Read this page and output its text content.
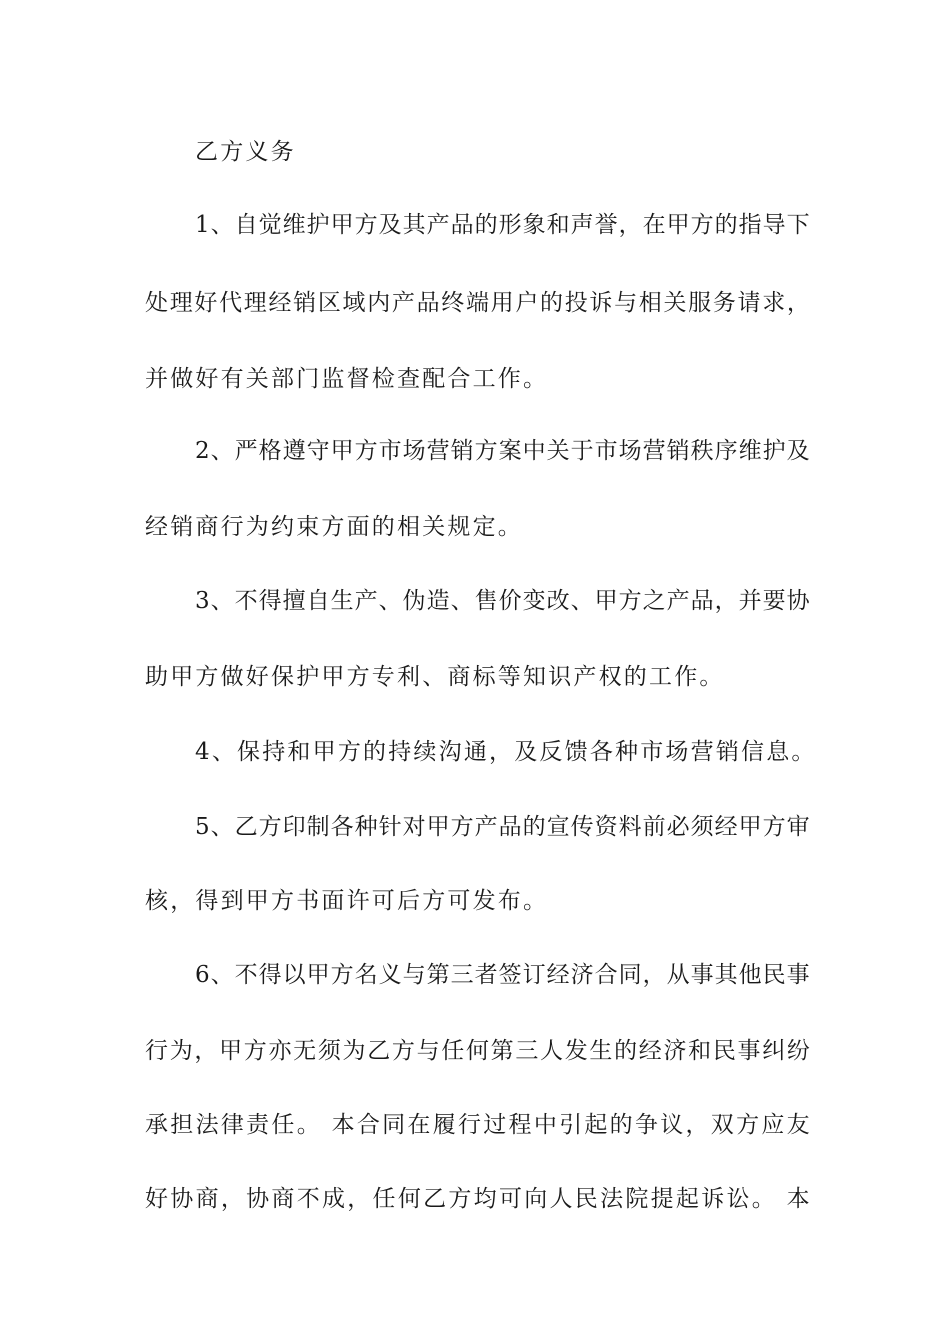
乙方义务
1 、 自 觉 维 护 甲 方 及 其 产 品 的 形 象 和 声 誉 ， 在 甲 方 的 指 导 下
处 理 好 代 理 经 销 区 域 内 产 品 终 端 用 户 的 投 诉 与 相 关 服 务 请 求 ，
并做好有关部门监督检查配合工作。
2 、 严 格 遵 守 甲 方 市 场 营 销 方 案 中 关 于 市 场 营 销 秩 序 维 护 及
经销商行为约束方面的相关规定。
3 、 不 得 擅 自 生 产 、 伪 造 、 售 价 变 改 、 甲 方 之 产 品 ， 并 要 协
助甲方做好保护甲方专利、商标等知识产权的工作。
4、保持和甲方的持续沟通，及反馈各种市场营销信息。
5 、 乙 方 印 制 各 种 针 对 甲 方 产 品 的 宣 传 资 料 前 必 须 经 甲 方 审
核，得到甲方书面许可后方可发布。
6 、 不 得 以 甲 方 名 义 与 第 三 者 签 订 经 济 合 同 ， 从 事 其 他 民 事
行 为 ， 甲 方 亦 无 须 为 乙 方 与 任 何 第 三 人 发 生 的 经 济 和 民 事 纠 纷
承 担 法 律 责 任 。
本 合 同 在 履 行 过 程 中 引 起 的 争 议 ， 双 方 应 友
好 协 商 ， 协 商 不 成 ， 任 何 乙 方 均 可 向 人 民 法 院 提 起 诉 讼 。
本
